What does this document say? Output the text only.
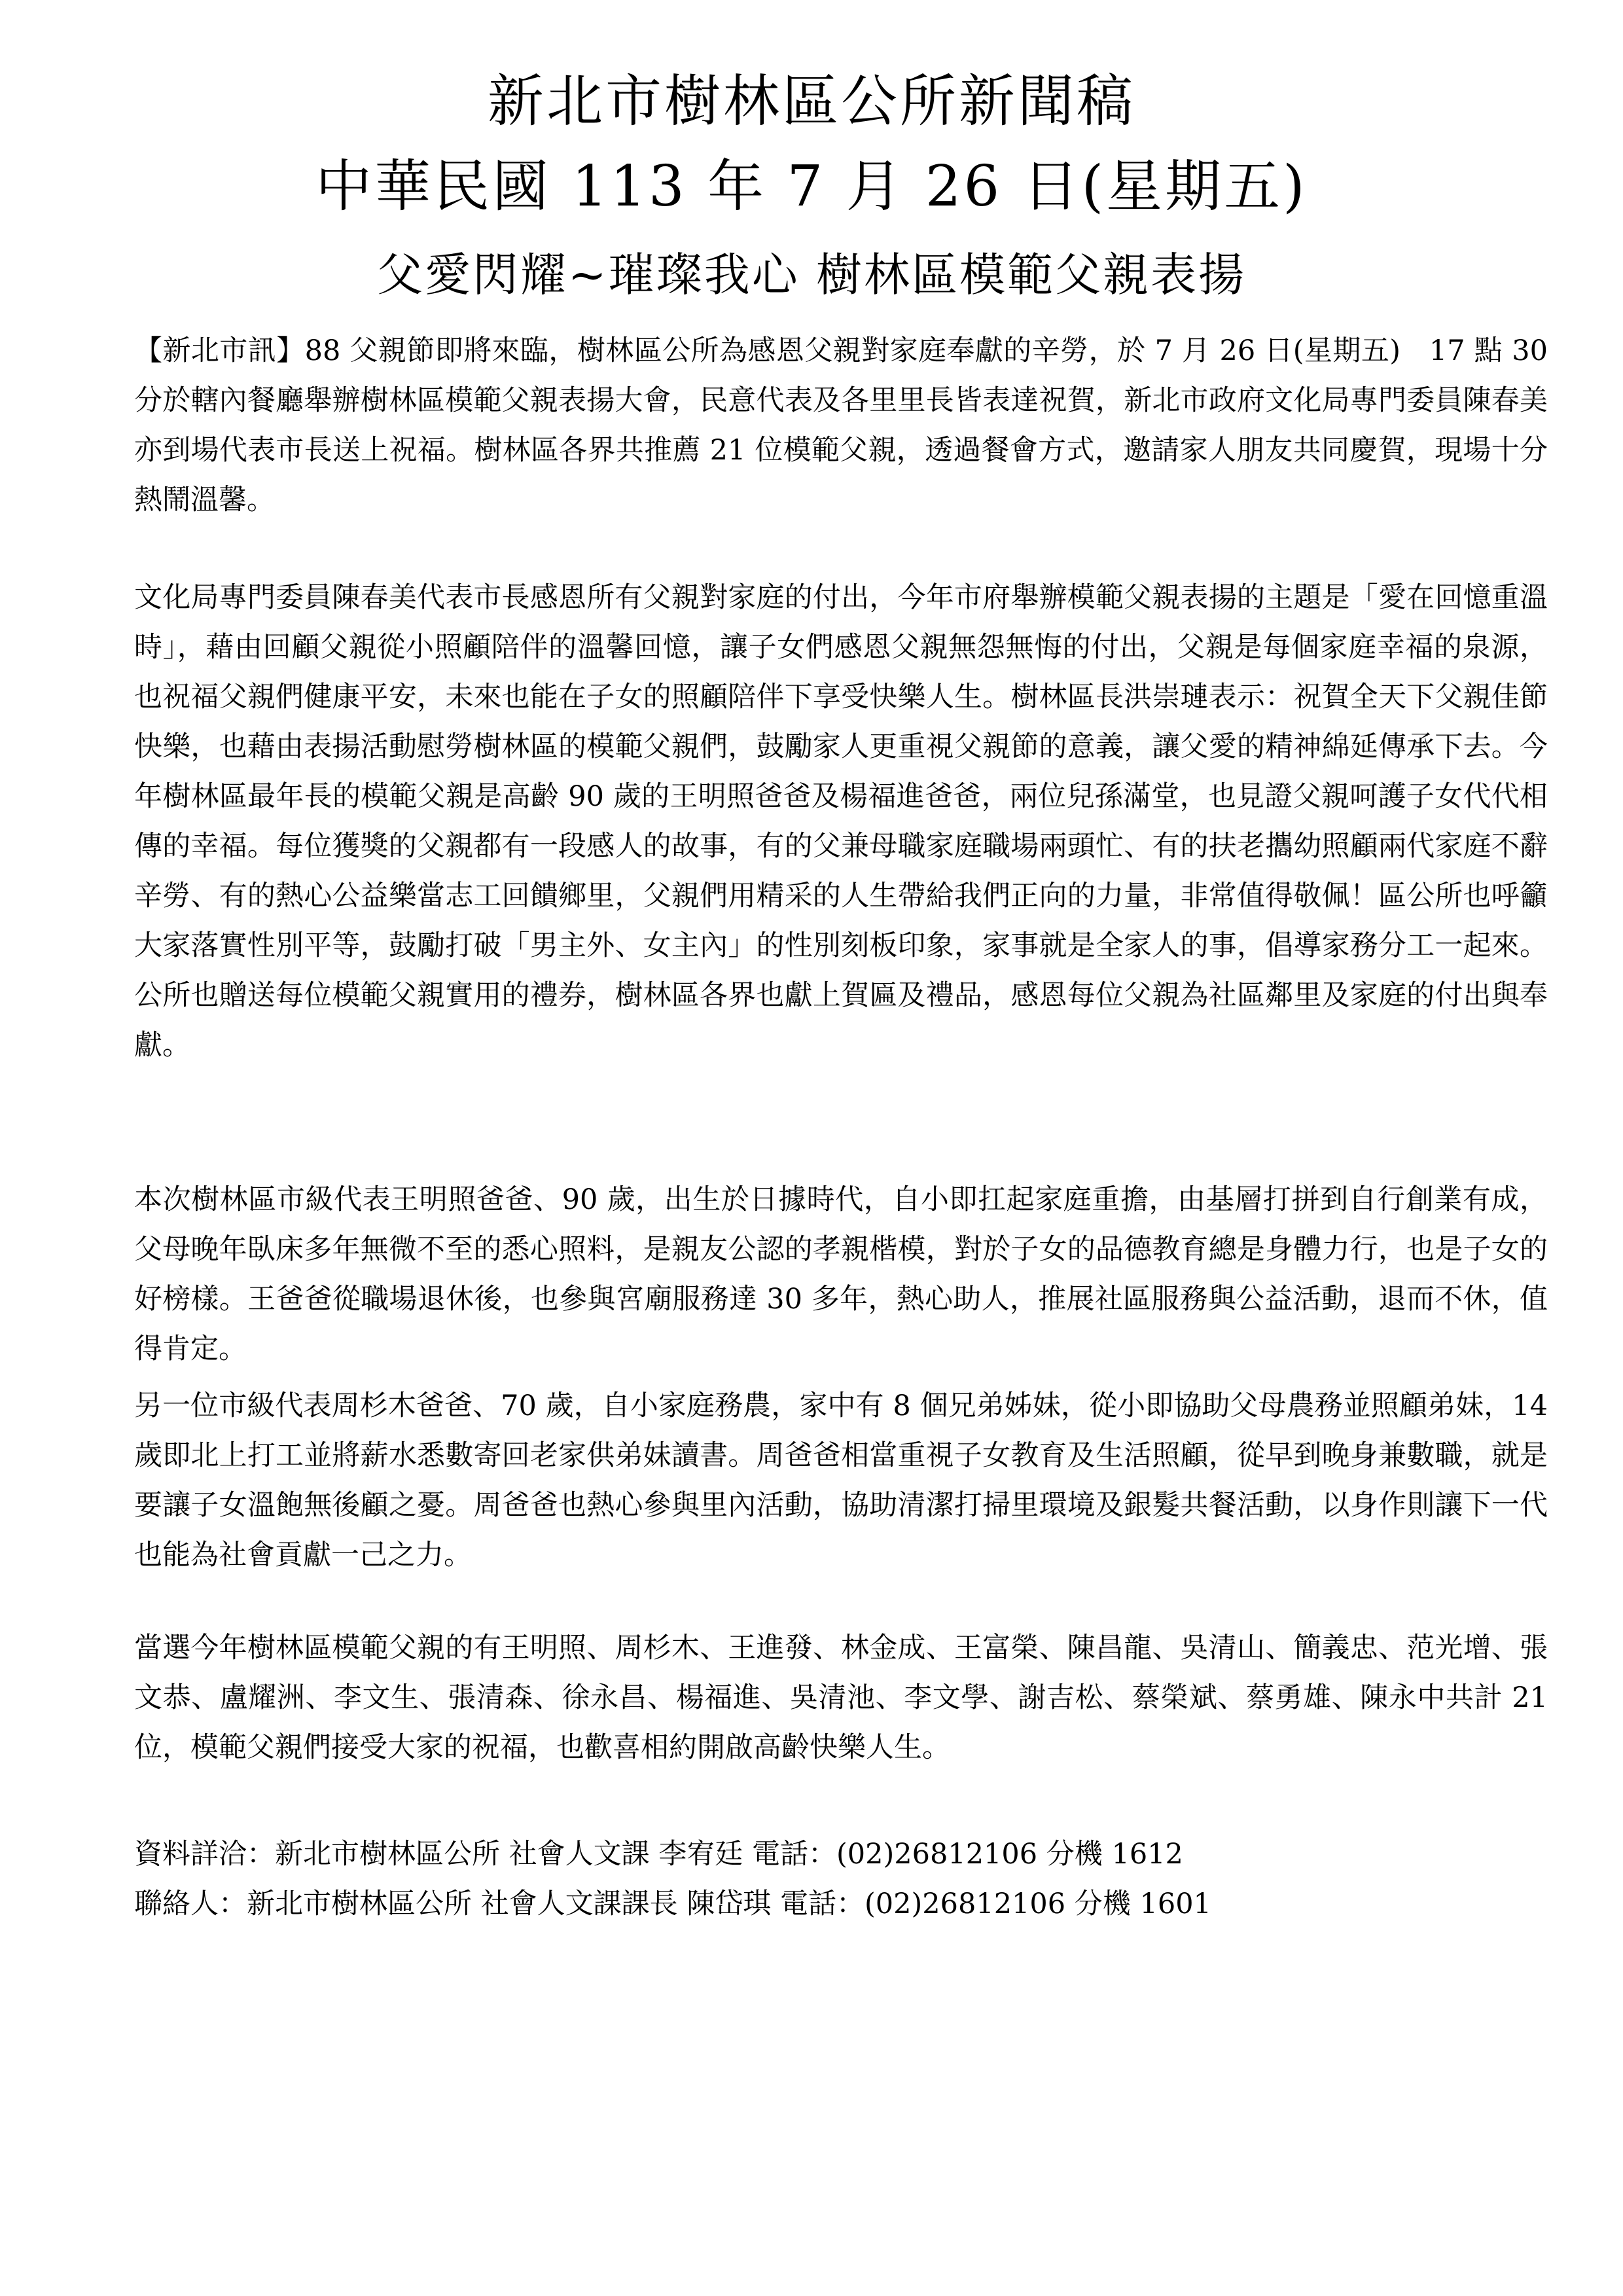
新北市樹林區公所新聞稿
中華民國 113 年 7 月 26 日(星期五)
父愛閃耀~璀璨我心 樹林區模範父親表揚

【新北市訊】88 父親節即將來臨，樹林區公所為感恩父親對家庭奉獻的辛勞，於 7 月 26 日(星期五)　17 點 30 分於轄內餐廳舉辦樹林區模範父親表揚大會，民意代表及各里里長皆表達祝賀，新北市政府文化局專門委員陳春美亦到場代表市長送上祝福。樹林區各界共推薦 21 位模範父親，透過餐會方式，邀請家人朋友共同慶賀，現場十分熱鬧溫馨。

文化局專門委員陳春美代表市長感恩所有父親對家庭的付出，今年市府舉辦模範父親表揚的主題是「愛在回憶重溫時」，藉由回顧父親從小照顧陪伴的溫馨回憶，讓子女們感恩父親無怨無悔的付出，父親是每個家庭幸福的泉源，也祝福父親們健康平安，未來也能在子女的照顧陪伴下享受快樂人生。樹林區長洪崇璉表示：祝賀全天下父親佳節快樂，也藉由表揚活動慰勞樹林區的模範父親們，鼓勵家人更重視父親節的意義，讓父愛的精神綿延傳承下去。今年樹林區最年長的模範父親是高齡 90 歲的王明照爸爸及楊福進爸爸，兩位兒孫滿堂，也見證父親呵護子女代代相傳的幸福。每位獲獎的父親都有一段感人的故事，有的父兼母職家庭職場兩頭忙、有的扶老攜幼照顧兩代家庭不辭辛勞、有的熱心公益樂當志工回饋鄉里，父親們用精采的人生帶給我們正向的力量，非常值得敬佩！區公所也呼籲大家落實性別平等，鼓勵打破「男主外、女主內」的性別刻板印象，家事就是全家人的事，倡導家務分工一起來。公所也贈送每位模範父親實用的禮券，樹林區各界也獻上賀匾及禮品，感恩每位父親為社區鄰里及家庭的付出與奉獻。

本次樹林區市級代表王明照爸爸、90 歲，出生於日據時代，自小即扛起家庭重擔，由基層打拼到自行創業有成，父母晚年臥床多年無微不至的悉心照料，是親友公認的孝親楷模，對於子女的品德教育總是身體力行，也是子女的好榜樣。王爸爸從職場退休後，也參與宮廟服務達 30 多年，熱心助人，推展社區服務與公益活動，退而不休，值得肯定。

另一位市級代表周杉木爸爸、70 歲，自小家庭務農，家中有 8 個兄弟姊妹，從小即協助父母農務並照顧弟妹，14 歲即北上打工並將薪水悉數寄回老家供弟妹讀書。周爸爸相當重視子女教育及生活照顧，從早到晚身兼數職，就是要讓子女溫飽無後顧之憂。周爸爸也熱心參與里內活動，協助清潔打掃里環境及銀髮共餐活動，以身作則讓下一代也能為社會貢獻一己之力。

當選今年樹林區模範父親的有王明照、周杉木、王進發、林金成、王富榮、陳昌龍、吳清山、簡義忠、范光增、張文恭、盧耀洲、李文生、張清森、徐永昌、楊福進、吳清池、李文學、謝吉松、蔡榮斌、蔡勇雄、陳永中共計 21 位，模範父親們接受大家的祝福，也歡喜相約開啟高齡快樂人生。

資料詳洽：新北市樹林區公所 社會人文課 李宥廷 電話：(02)26812106 分機 1612

聯絡人：新北市樹林區公所 社會人文課課長 陳岱琪 電話：(02)26812106 分機 1601
